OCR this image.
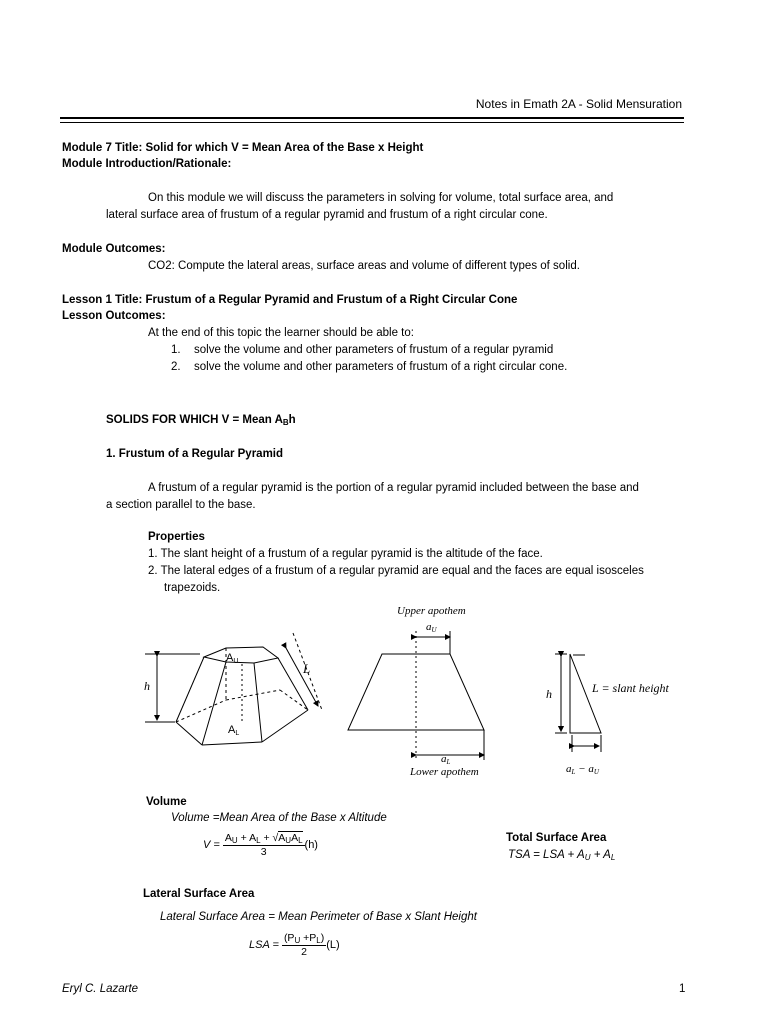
Notes in Emath 2A - Solid Mensuration
Module 7 Title: Solid for which V = Mean Area of the Base x Height
Module Introduction/Rationale:
On this module we will discuss the parameters in solving for volume, total surface area, and
lateral surface area of frustum of a regular pyramid and frustum of a right circular cone.
Module Outcomes:
CO2: Compute the lateral areas, surface areas and volume of different types of solid.
Lesson 1 Title: Frustum of a Regular Pyramid and Frustum of a Right Circular Cone
Lesson Outcomes:
At the end of this topic the learner should be able to:
1. solve the volume and other parameters of frustum of a regular pyramid
2. solve the volume and other parameters of frustum of a right circular cone.
SOLIDS FOR WHICH V = Mean $A_Bh$
1. Frustum of a Regular Pyramid
A frustum of a regular pyramid is the portion of a regular pyramid included between the base and
a section parallel to the base.
Properties
1. The slant height of a frustum of a regular pyramid is the altitude of the face.
2. The lateral edges of a frustum of a regular pyramid are equal and the faces are equal isosceles
trapezoids.
h
AU
AL
L
Upper apothem
aU
aL
Lower apothem
h	L = slant height
aL − aU
Volume
Volume =Mean Area of the Base x Altitude
$V = \frac{A_U + A_L + √A_UA_L}{3} (h)$
Total Surface Area
TSA = LSA + $A_U + A_L$
Lateral Surface Area
Lateral Surface Area = Mean Perimeter of Base x Slant Height
LSA = $\frac{(P_U +P_L)}{2} (L)$
Eryl C. Lazarte	1
